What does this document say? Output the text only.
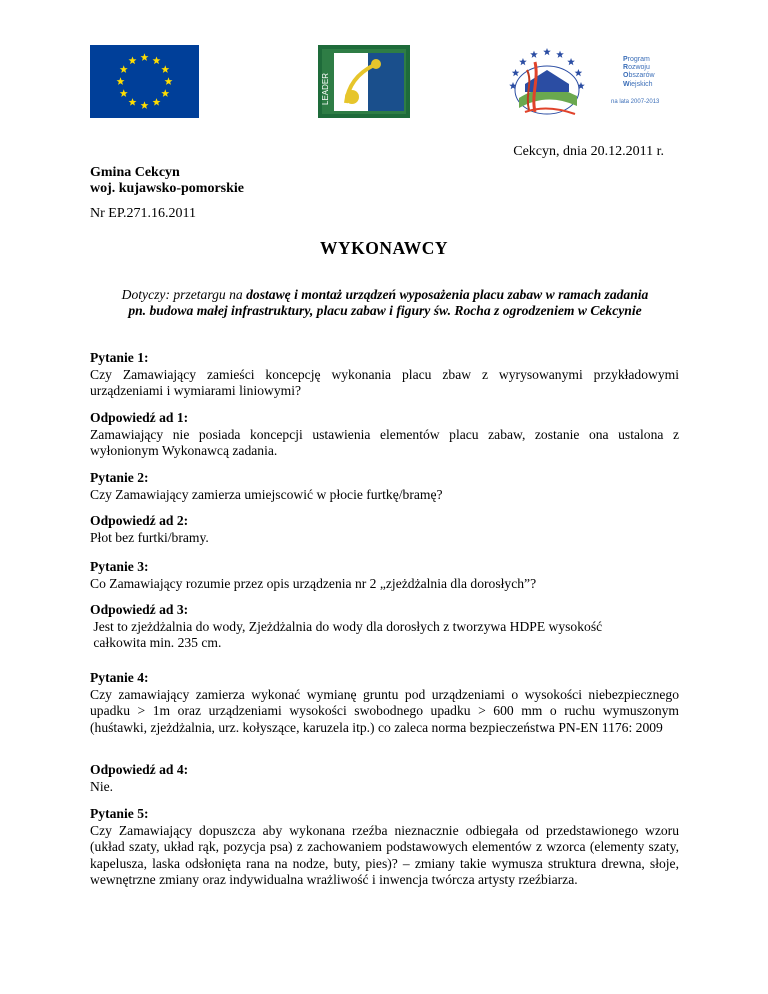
LEADER
Program
Rozwoju
Obszarów
Wiejskich
na lata 2007-2013
Cekcyn, dnia 20.12.2011 r.
Gmina Cekcyn
woj. kujawsko-pomorskie
Nr EP.271.16.2011
WYKONAWCY
Dotyczy: przetargu na dostawę i montaż urządzeń wyposażenia placu zabaw w ramach zadania
pn. budowa małej infrastruktury, placu zabaw i figury św. Rocha z ogrodzeniem w Cekcynie
Pytanie 1:
Czy Zamawiający zamieści koncepcję wykonania placu zbaw z wyrysowanymi przykładowymi urządzeniami i wymiarami liniowymi?
Odpowiedź ad 1:
Zamawiający nie posiada koncepcji ustawienia elementów placu zabaw, zostanie ona ustalona z wyłonionym Wykonawcą zadania.
Pytanie 2:
Czy Zamawiający zamierza umiejscowić w płocie furtkę/bramę?
Odpowiedź ad 2:
Płot bez furtki/bramy.
Pytanie 3:
Co Zamawiający rozumie przez opis urządzenia nr 2 „zjeżdżalnia dla dorosłych”?
Odpowiedź ad 3:
Jest to zjeżdżalnia do wody, Zjeżdżalnia do wody dla dorosłych z tworzywa HDPE wysokość
całkowita min. 235 cm.
Pytanie 4:
Czy zamawiający zamierza wykonać wymianę gruntu pod urządzeniami o wysokości niebezpiecznego upadku > 1m oraz urządzeniami wysokości swobodnego upadku > 600 mm o ruchu wymuszonym (huśtawki, zjeżdżalnia, urz. kołyszące, karuzela itp.) co zaleca norma bezpieczeństwa PN-EN 1176: 2009
Odpowiedź ad 4:
Nie.
Pytanie 5:
Czy Zamawiający dopuszcza aby wykonana rzeźba nieznacznie odbiegała od przedstawionego wzoru (układ szaty, układ rąk, pozycja psa) z zachowaniem podstawowych elementów z wzorca (elementy szaty, kapelusza, laska odsłonięta rana na nodze, buty, pies)? – zmiany takie wymusza struktura drewna, słoje, wewnętrzne zmiany oraz indywidualna wrażliwość i inwencja twórcza artysty rzeźbiarza.
